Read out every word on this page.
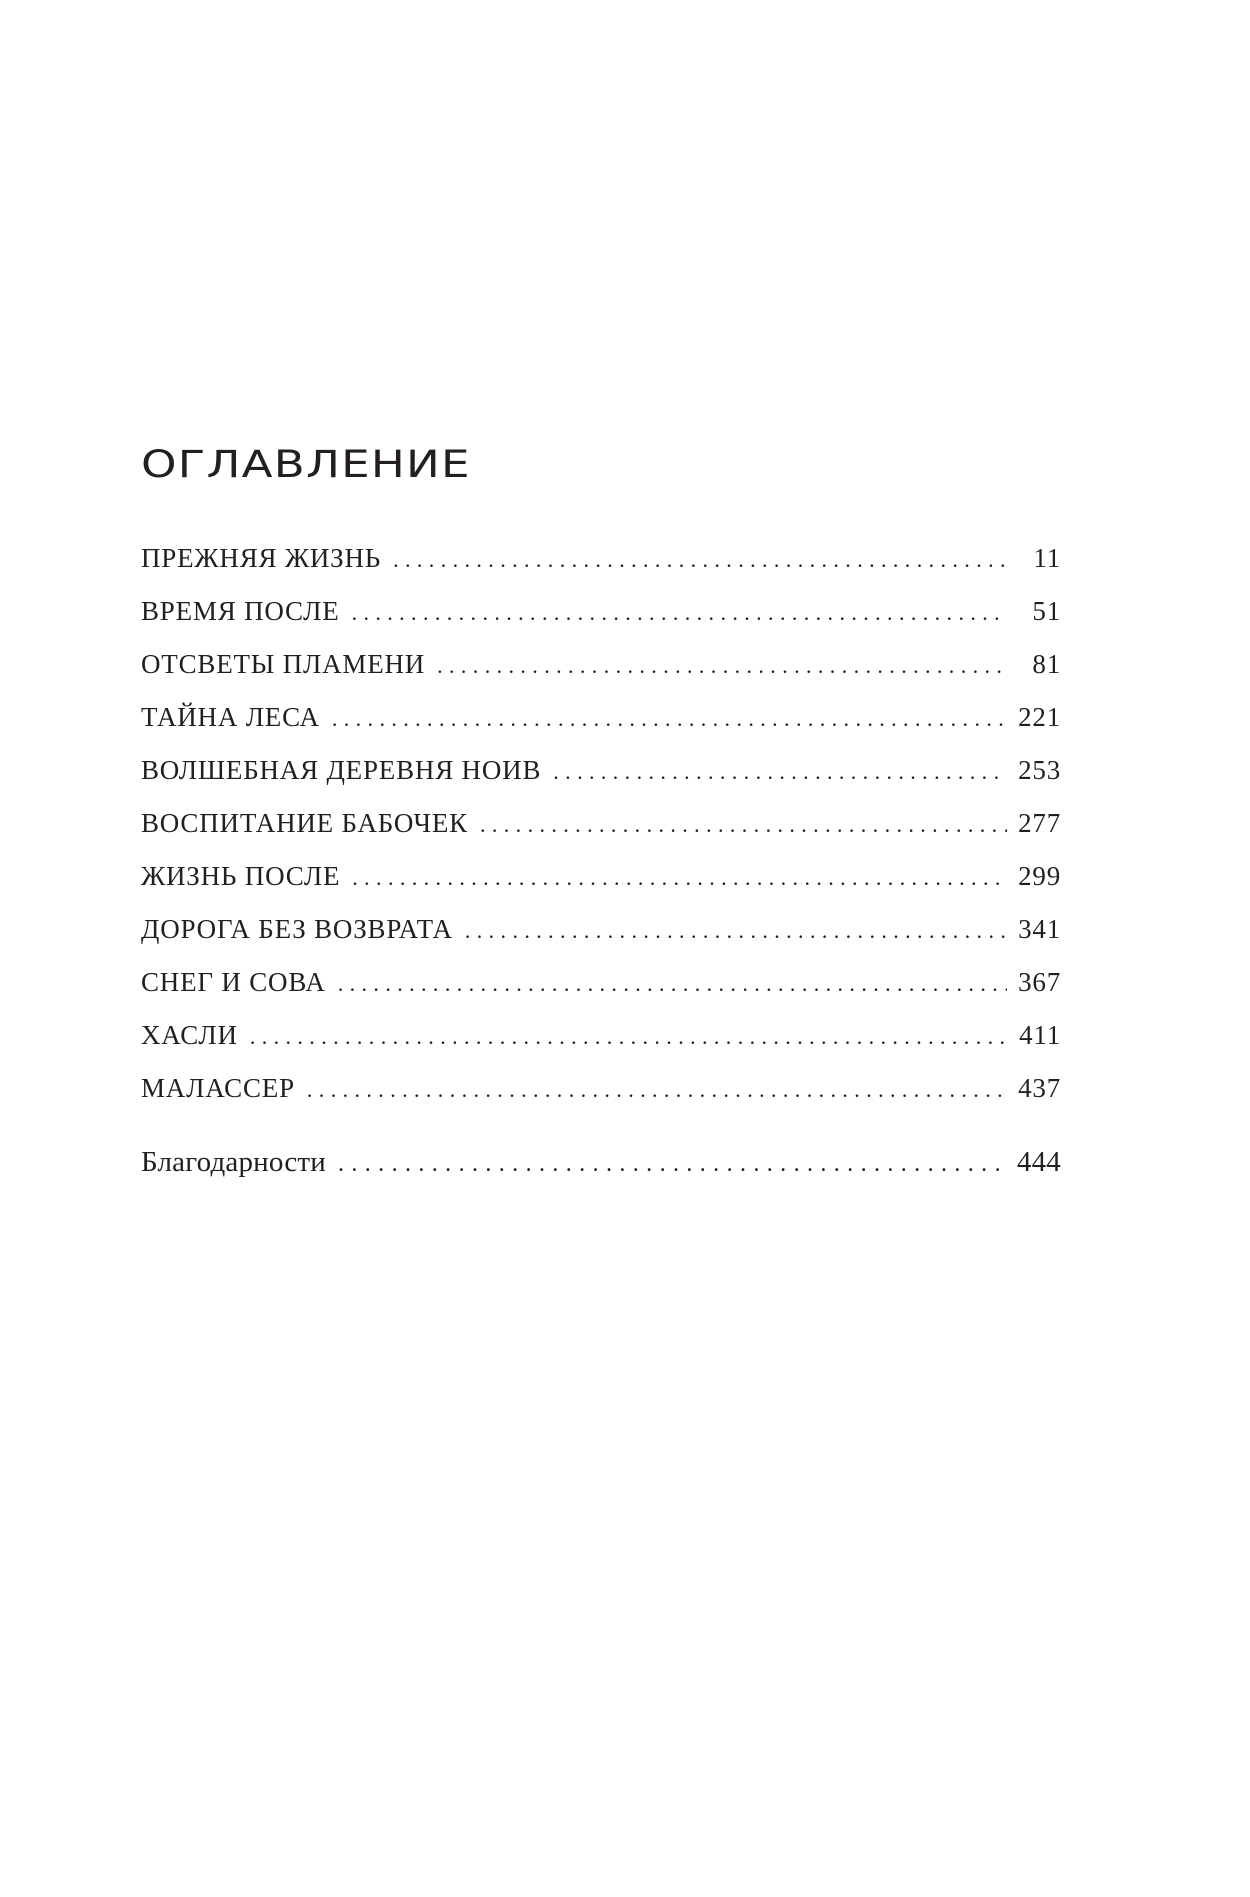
ОГЛАВЛЕНИЕ
ПРЕЖНЯЯ ЖИЗНЬ .....	11
ВРЕМЯ ПОСЛЕ .....	51
ОТСВЕТЫ ПЛАМЕНИ .....	81
ТАЙНА ЛЕСА .....	221
ВОЛШЕБНАЯ ДЕРЕВНЯ НОИВ .....	253
ВОСПИТАНИЕ БАБОЧЕК .....	277
ЖИЗНЬ ПОСЛЕ .....	299
ДОРОГА БЕЗ ВОЗВРАТА .....	341
СНЕГ И СОВА .....	367
ХАСЛИ .....	411
МАЛАССЕР .....	437
Благодарности .....	444
